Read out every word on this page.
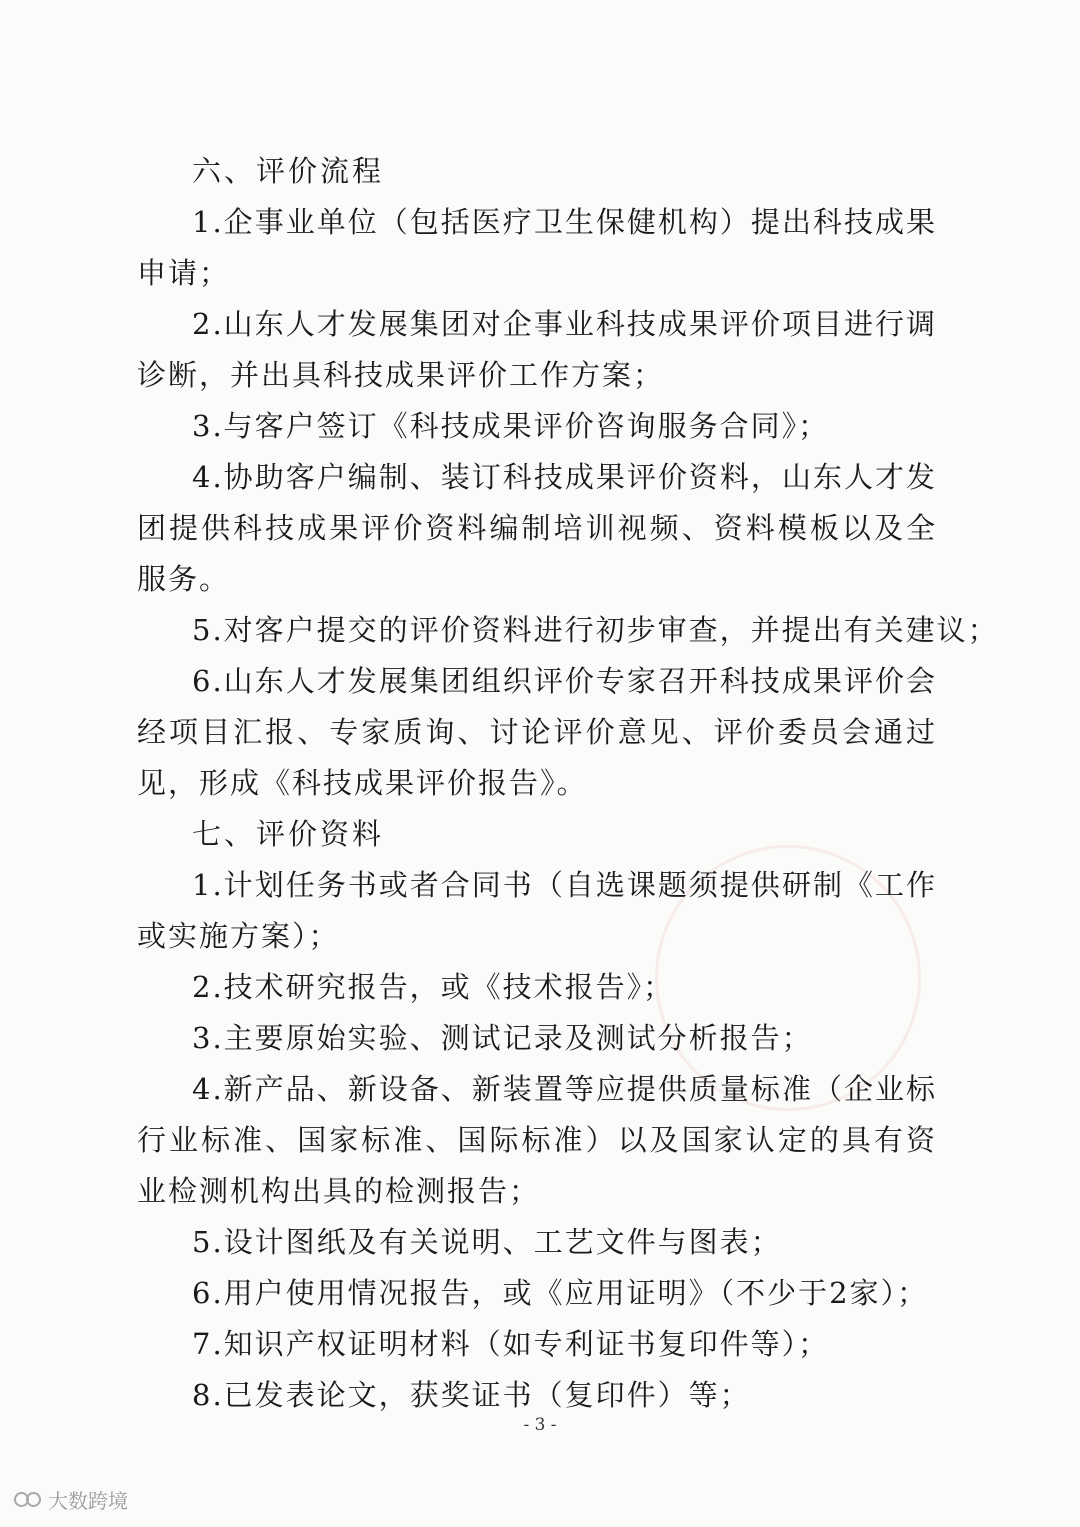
六、评价流程
1.企事业单位（包括医疗卫生保健机构）提出科技成果
申请；
2.山东人才发展集团对企事业科技成果评价项目进行调
诊断，并出具科技成果评价工作方案；
3.与客户签订《科技成果评价咨询服务合同》；
4.协助客户编制、装订科技成果评价资料，山东人才发
团提供科技成果评价资料编制培训视频、资料模板以及全
服务。
5.对客户提交的评价资料进行初步审查，并提出有关建议；
6.山东人才发展集团组织评价专家召开科技成果评价会
经项目汇报、专家质询、讨论评价意见、评价委员会通过
见，形成《科技成果评价报告》。
七、评价资料
1.计划任务书或者合同书（自选课题须提供研制《工作
或实施方案）；
2.技术研究报告，或《技术报告》；
3.主要原始实验、测试记录及测试分析报告；
4.新产品、新设备、新装置等应提供质量标准（企业标
行业标准、国家标准、国际标准）以及国家认定的具有资
业检测机构出具的检测报告；
5.设计图纸及有关说明、工艺文件与图表；
6.用户使用情况报告，或《应用证明》（不少于2家）；
7.知识产权证明材料（如专利证书复印件等）；
8.已发表论文，获奖证书（复印件）等；
- 3 -
大数跨境
